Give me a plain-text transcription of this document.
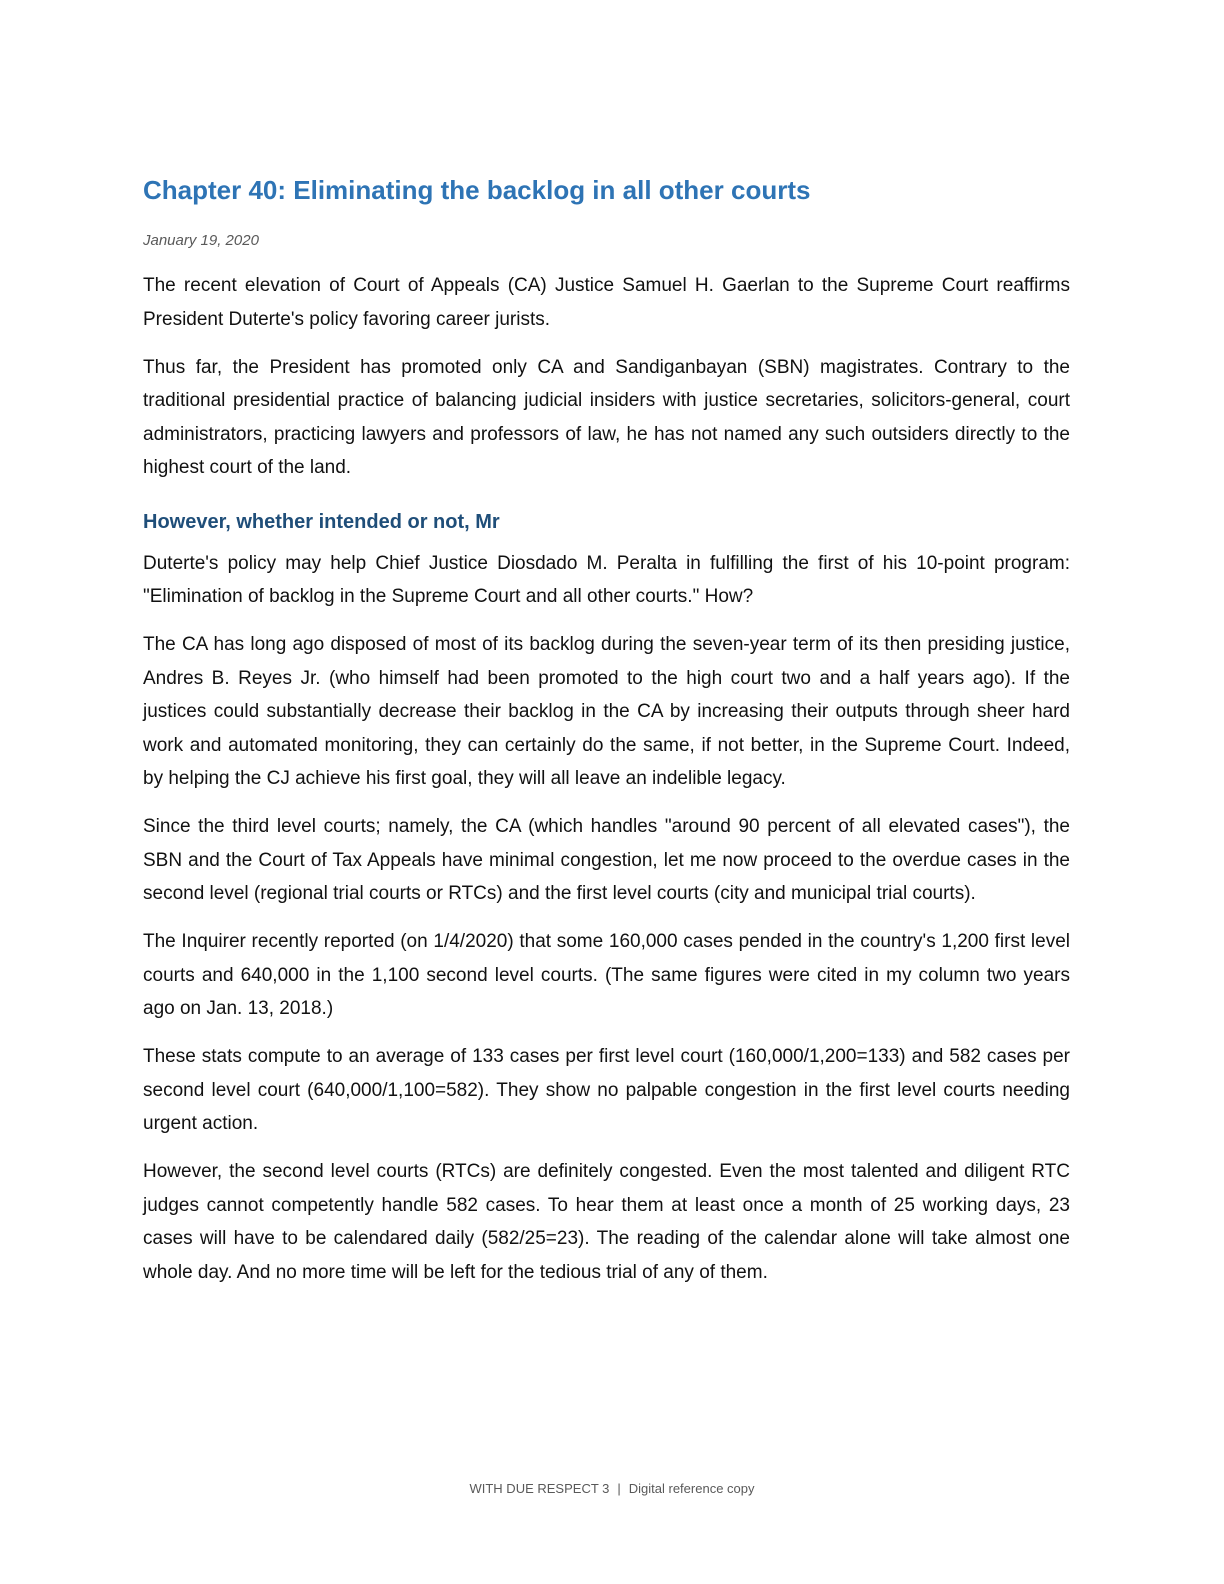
Chapter 40: Eliminating the backlog in all other courts
January 19, 2020

The recent elevation of Court of Appeals (CA) Justice Samuel H. Gaerlan to the Supreme Court reaffirms President Duterte's policy favoring career jurists.

Thus far, the President has promoted only CA and Sandiganbayan (SBN) magistrates. Contrary to the traditional presidential practice of balancing judicial insiders with justice secretaries, solicitors-general, court administrators, practicing lawyers and professors of law, he has not named any such outsiders directly to the highest court of the land.

However, whether intended or not, Mr

Duterte's policy may help Chief Justice Diosdado M. Peralta in fulfilling the first of his 10-point program: "Elimination of backlog in the Supreme Court and all other courts." How?

The CA has long ago disposed of most of its backlog during the seven-year term of its then presiding justice, Andres B. Reyes Jr. (who himself had been promoted to the high court two and a half years ago). If the justices could substantially decrease their backlog in the CA by increasing their outputs through sheer hard work and automated monitoring, they can certainly do the same, if not better, in the Supreme Court. Indeed, by helping the CJ achieve his first goal, they will all leave an indelible legacy.

Since the third level courts; namely, the CA (which handles "around 90 percent of all elevated cases"), the SBN and the Court of Tax Appeals have minimal congestion, let me now proceed to the overdue cases in the second level (regional trial courts or RTCs) and the first level courts (city and municipal trial courts).

The Inquirer recently reported (on 1/4/2020) that some 160,000 cases pended in the country's 1,200 first level courts and 640,000 in the 1,100 second level courts. (The same figures were cited in my column two years ago on Jan. 13, 2018.)

These stats compute to an average of 133 cases per first level court (160,000/1,200=133) and 582 cases per second level court (640,000/1,100=582). They show no palpable congestion in the first level courts needing urgent action.

However, the second level courts (RTCs) are definitely congested. Even the most talented and diligent RTC judges cannot competently handle 582 cases. To hear them at least once a month of 25 working days, 23 cases will have to be calendared daily (582/25=23). The reading of the calendar alone will take almost one whole day. And no more time will be left for the tedious trial of any of them.

WITH DUE RESPECT 3 | Digital reference copy
